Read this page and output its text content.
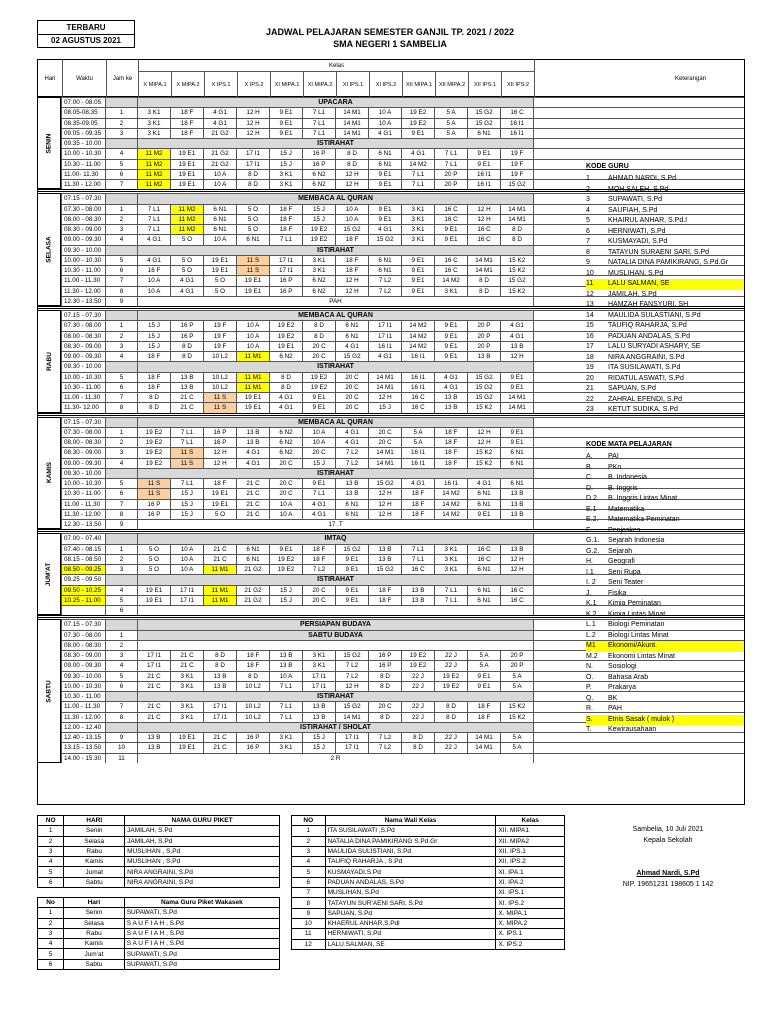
TERBARU
02 AGUSTUS 2021
JADWAL PELAJARAN SEMESTER GANJIL TP. 2021 / 2022
SMA NEGERI 1 SAMBELIA
Hari	Waktu	Jam ke
Kelas
X MIPA.1	X MIPA.2	X IPS.1	X IPS.2	XI MIPA.1	XI MIPA.2	XI IPS.1	XI IPS.2	XII MIPA 1	XII MIPA.2	XII IPS.1	XII IPS.2
Keterangan
07.00 - 08.05	UPACARA
08.05-08.35	1	3 K1	18 F	4 G1	12 H	9 E1	7 L1	14 M1	10 A	19 E2	5 A	15 G2	16 C
08.35-09.05	2	3 K1	18 F	4 G1	12 H	9 E1	7 L1	14 M1	10 A	19 E2	5 A	15 G2	16 I1
09.05 - 09.35	3	3 K1	18 F	21 G2	12 H	9 E1	7 L1	14 M1	4 G1	9 E1	5 A	6 N1	16 I1
09.35 - 10.00	ISTIRAHAT
10.00 - 10.30	4	11 M2	19 E1	21 G2	17 I1	15 J	16 P	8 D	6 N1	4 G1	7 L1	9 E1	19 F
10.30 - 11.00	5	11 M2	19 E1	21 G2	17 I1	15 J	16 P	8 D	6 N1	14 M2	7 L1	9 E1	19 F
11.00- 11.30	6	11 M2	19 E1	10 A	8 D	3 K1	6 N2	12 H	9 E1	7 L1	20 P	16 I1	19 F
11.30 - 12.00	7	11 M2	19 E1	10 A	8 D	3 K1	6 N2	12 H	9 E1	7 L1	20 P	16 I1	15 G2
SENIN
07.15 - 07.30	MEMBACA AL QURAN
07.30 - 08.00	1	7 L1	11 M2	6 N1	5 O	18 F	15 J	10 A	9 E1	3 K1	16 C	12 H	14 M1
08.00 - 08.30	2	7 L1	11 M2	6 N1	5 O	18 F	15 J	10 A	9 E1	3 K1	16 C	12 H	14 M1
08.30 - 09.00	3	7 L1	11 M2	6 N1	5 O	18 F	19 E2	15 G2	4 G1	3 K1	9 E1	16 C	8 D
09.00 - 09.30	4	4 G1	5 O	10 A	6 N1	7 L1	19 E2	18 F	15 G2	3 K1	9 E1	16 C	8 D
09.30 - 10.00	ISTIRAHAT
10.00 - 10.30	5	4 G1	5 O	19 E1	11 S	17 I1	3 K1	18 F	6 N1	9 E1	16 C	14 M1	15 K2
10.30 - 11.00	6	16 F	5 O	19 E1	11 S	17 I1	3 K1	18 F	6 N1	9 E1	16 C	14 M1	15 K2
11.00 - 11.30	7	10 A	4 G1	5 O	19 E1	16 P	6 N2	12 H	7 L2	9 E1	14 M2	8 D	15 G2
11.30 - 12.00	8	10 A	4 G1	5 O	19 E1	16 P	6 N2	12 H	7 L2	9 E1	3 K1	8 D	15 K2
12.30 - 13.50	9	PAH
SELASA
07.15 - 07.30	MEMBACA AL QURAN
07.30 - 08.00	1	15 J	16 P	19 F	10 A	19 E2	8 D	6 N1	17 I1	14 M2	9 E1	20 P	4 G1
08.00 - 08.30	2	15 J	16 P	19 F	10 A	19 E2	8 D	6 N1	17 I1	14 M2	9 E1	20 P	4 G1
08.30 - 09.00	3	15 J	8 D	19 F	10 A	19 E1	20 C	4 G1	16 I1	14 M2	9 E1	20 P	13 B
09.00 - 09.30	4	18 F	8 D	10 L2	11 M1	6 N2	20 C	15 G2	4 G1	16 I1	9 E1	13 B	12 H
09.30 - 10.00	ISTIRAHAT
10.00 - 10.30	5	18 F	13 B	10 L2	11 M1	8 D	19 E2	20 C	14 M1	16 I1	4 G1	15 G2	9 E1
10.30 - 11.00	6	18 F	13 B	10 L2	11 M1	8 D	19 E2	20 C	14 M1	16 I1	4 G1	15 G2	9 E1
11.00 - 11.30	7	8 D	21 C	11 S	19 E1	4 G1	9 E1	20 C	12 H	16 C	13 B	15 G2	14 M1
11.30- 12.00	8	8 D	21 C	11 S	19 E1	4 G1	9 E1	20 C	15 J	16 C	13 B	15 K2	14 M1
RABU
07.15 - 07.30	MEMBACA AL QURAN
07.30 - 08.00	1	19 E2	7 L1	16 P	13 B	6 N2	10 A	4 G1	20 C	5 A	18 F	12 H	9 E1
08.00 - 08.30	2	19 E2	7 L1	16 P	13 B	6 N2	10 A	4 G1	20 C	5 A	18 F	12 H	9 E1
08.30 - 09.00	3	19 E2	11 S	12 H	4 G1	6 N2	20 C	7 L2	14 M1	16 I1	18 F	15 K2	6 N1
09.00 - 09.30	4	19 E2	11 S	12 H	4 G1	20 C	15 J	7 L2	14 M1	16 I1	18 F	15 K2	6 N1
09.30 - 10.00	ISTIRAHAT
10.00 - 10.30	5	11 S	7 L1	18 F	21 C	20 C	9 E1	13 B	15 G2	4 G1	16 I1	4 G1	6 N1
10.30 - 11.00	6	11 S	15 J	19 E1	21 C	20 C	7 L1	13 B	12 H	18 F	14 M2	6 N1	13 B
11.00 - 11.30	7	16 P	15 J	19 E1	21 C	10 A	4 G1	6 N1	12 H	18 F	14 M2	6 N1	13 B
11.30 - 12.00	8	16 P	15 J	5 O	21 C	10 A	4 G1	6 N1	12 H	18 F	14 M2	9 E1	13 B
12.30 - 13.50	9	17 .T
KAMIS
07.00 - 07.40	IMTAQ
07.40 - 08.15	1	5 O	10 A	21 C	6 N1	9 E1	18 F	15 G2	13 B	7 L1	3 K1	16 C	13 B
08.15 - 08.50	2	5 O	10 A	21 C	6 N1	19 E2	18 F	9 E1	13 B	7 L1	3 K1	16 C	12 H
08.50 - 09.25	3	5 O	10 A	11 M1	21 G2	19 E2	7 L2	9 E1	15 G2	16 C	3 K1	6 N1	12 H
09.25 - 09.50	ISTIRAHAT
09.50 - 10.25	4	19 E1	17 I1	11 M1	21 G2	15 J	20 C	9 E1	18 F	13 B	7 L1	6 N1	16 C
10.25 - 11.00	5	19 E1	17 I1	11 M1	21 G2	15 J	20 C	9 E1	18 F	13 B	7 L1	6 N1	16 C
6
JUM'AT
07.15 - 07.30	PERSIAPAN BUDAYA
07.30 - 08.00	1	SABTU BUDAYA
08.00 - 08.30	2
08.30 - 09.00	3	17 I1	21 C	8 D	18 F	13 B	3 K1	15 G2	16 P	19 E2	22 J	5 A	20 P
09.00 - 09.30	4	17 I1	21 C	8 D	18 F	13 B	3 K1	7 L2	16 P	19 E2	22 J	5 A	20 P
09.30 - 10.00	5	21 C	3 K1	13 B	8 D	10 A	17 I1	7 L2	8 D	22 J	19 E2	9 E1	5 A
10.00 - 10.30	6	21 C	3 K1	13 B	10 L2	7 L1	17 I1	12 H	8 D	22 J	19 E2	9 E1	5 A
10.30 - 11.00	ISTIRAHAT
11.00 - 11.30	7	21 C	3 K1	17 I1	10 L2	7 L1	13 B	15 G2	20 C	22 J	8 D	18 F	15 K2
11.30 - 12.00	8	21 C	3 K1	17 I1	10 L2	7 L1	13 B	14 M1	8 D	22 J	8 D	18 F	15 K2
12.00 - 12.40	ISTIRAHAT / SHOLAT
12.40 - 13.15	9	13 B	19 E1	21 C	16 P	3 K1	15 J	17 I1	7 L2	8 D	22 J	14 M1	5 A
13.15 - 13.50	10	13 B	19 E1	21 C	16 P	3 K1	15 J	17 I1	7 L2	8 D	22 J	14 M1	5 A
14.00 - 15.30	11	2 R
SABTU
KODE GURU
1	AHMAD NARDI, S.Pd
2	MOH.SALEH, S.Pd
3	SUPAWATI, S.Pd
4	SAUFIAH, S.Pd
5	KHAIRUL ANHAR, S.Pd.I
6	HERNIWATI, S.Pd
7	KUSMAYADI, S.Pd
8	TATAYUN SURAENI SARI, S.Pd
9	NATALIA DINA PAMIKIRANG, S.Pd.Gr
10 MUSLIHAN, S.Pd
11 LALU SALMAN, SE
12 JAMILAH, S.Pd
13 HAMZAH FANSYURI, SH
14 MAULIDA SULASTIANI, S.Pd
15 TAUFIQ RAHARJA, S.Pd
16 PADUAN ANDALAS, S.Pd
17 LALU SURYADI ASHARY, SE
18 NIRA ANGGRAINI, S.Pd
19 ITA SUSILAWATI, S.Pd
20 RIDATUL ASWATI, S.Pd
21 SAPUAN, S.Pd
22 ZAHRAL EFENDI, S.Pd
23 KETUT SUDIKA, S.Pd
KODE MATA PELAJARAN
A. PAI
B. PKn
C. B. Indonesia
D. B. Inggris
D.2 B. Inggris Lintas Minat
E.1 Matematika
E.2. Matematika Peminatan
F. Penjaskes
G.1. Sejarah Indonesia
G.2. Sejarah
H. Geografi
I.1 Seni Rupa
I. 2 Seni Teater
J. Fisika
K.1 Kimia Peminatan
K.2 Kimia Lintas Minat
L.1 Biologi Peminatan
L.2 Biologi Lintas Minat
M1 Ekonomi/Akunt.
M.2 Ekonomi Lintas Minat
N. Sosiologi
O. Bahasa Arab
P. Prakarya
Q. BK
R. PAH
S. Etnis Sasak ( mulok )
T. Kewirausahaan
NO	HARI	NAMA GURU PIKET
1	Senin	JAMILAH, S.Pd
2	Selasa	JAMILAH, S.Pd
3	Rabu	MUSLIHAN , S.Pd
4	Kamis	MUSLIHAN , S.Pd
5	Jumat	NIRA ANGRAINI, S.Pd
6	Sabtu	NIRA ANGRAINI, S.Pd
No	Hari	Nama Guru Piket Wakasek
1	Senin	SUPAWATI, S.Pd
2	Selasa	S A U F I A H , S.Pd
3	Rabu	S A U F I A H , S.Pd
4	Kamis	S A U F I A H , S.Pd
5	Jum'at	SUPAWATI, S.Pd
6	Sabtu	SUPAWATI, S.Pd
NO	Nama Wali Kelas	Kelas
1	ITA SUSILAWATI ,S.Pd	XII. MIPA1
2	NATALIA DINA PAMIKIRANG S.Pd.Gr	XII. MIPA2
3	MAULIDA SULISTIANI, S.Pd	XII. IPS.1
4	TAUFIQ RAHARJA , S.Pd	XII. IPS.2
5	KUSMAYADI.S.Pd	XI. IPA.1
6	PADUAN ANDALAS, S.Pd	XI. IPA.2
7	MUSLIHAN, S.Pd	XI. IPS.1
8	TATAYUN SUR'AENI SARI, S.Pd	XI. IPS.2
9	SAPUAN, S.Pd	X. MIPA.1
10	KHAERUL ANHAR,S.Pdl	X. MIPA.2
11	HERNIWATI, S.Pd	X. IPS.1
12	LALU.SALMAN, SE	X. IPS.2
Sambelia, 10 Juli 2021
Kepala Sekolah
Ahmad Nardi, S.Pd
NIP. 19651231 198605 1 142
